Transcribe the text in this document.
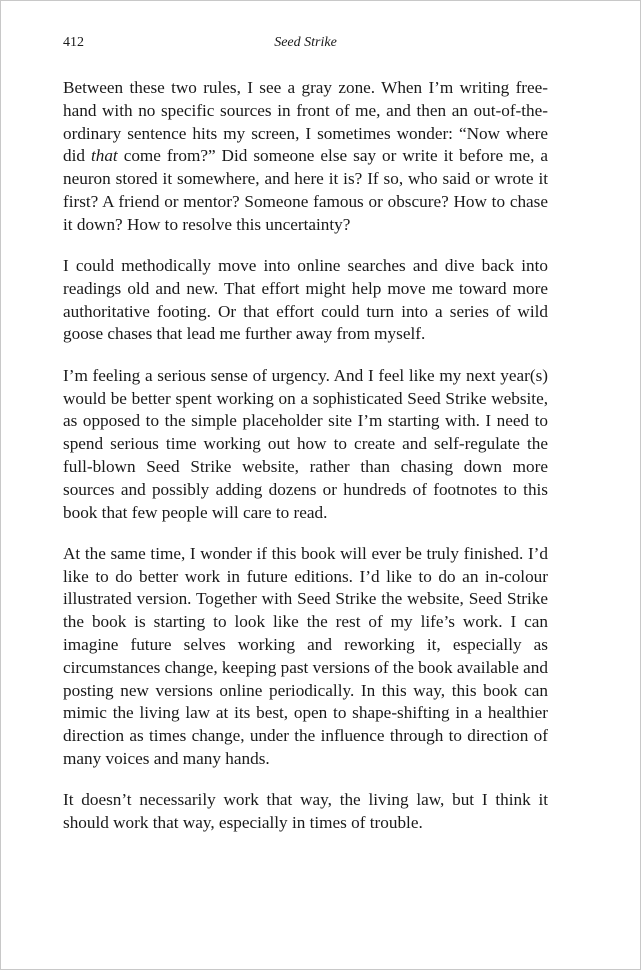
412	Seed Strike

Between these two rules, I see a gray zone. When I’m writing free-hand with no specific sources in front of me, and then an out-of-the-ordinary sentence hits my screen, I sometimes wonder: “Now where did that come from?” Did someone else say or write it before me, a neuron stored it somewhere, and here it is? If so, who said or wrote it first? A friend or mentor? Someone famous or obscure? How to chase it down? How to resolve this uncertainty?

I could methodically move into online searches and dive back into readings old and new. That effort might help move me toward more authoritative footing. Or that effort could turn into a series of wild goose chases that lead me further away from myself.

I’m feeling a serious sense of urgency. And I feel like my next year(s) would be better spent working on a sophisticated Seed Strike website, as opposed to the simple placeholder site I’m starting with. I need to spend serious time working out how to create and self-regulate the full-blown Seed Strike website, rather than chasing down more sources and possibly adding dozens or hundreds of footnotes to this book that few people will care to read.

At the same time, I wonder if this book will ever be truly finished. I’d like to do better work in future editions. I’d like to do an in-colour illustrated version. Together with Seed Strike the website, Seed Strike the book is starting to look like the rest of my life’s work. I can imagine future selves working and reworking it, especially as circumstances change, keeping past versions of the book available and posting new versions online periodically. In this way, this book can mimic the living law at its best, open to shape-shifting in a healthier direction as times change, under the influence through to direction of many voices and many hands.

It doesn’t necessarily work that way, the living law, but I think it should work that way, especially in times of trouble.
